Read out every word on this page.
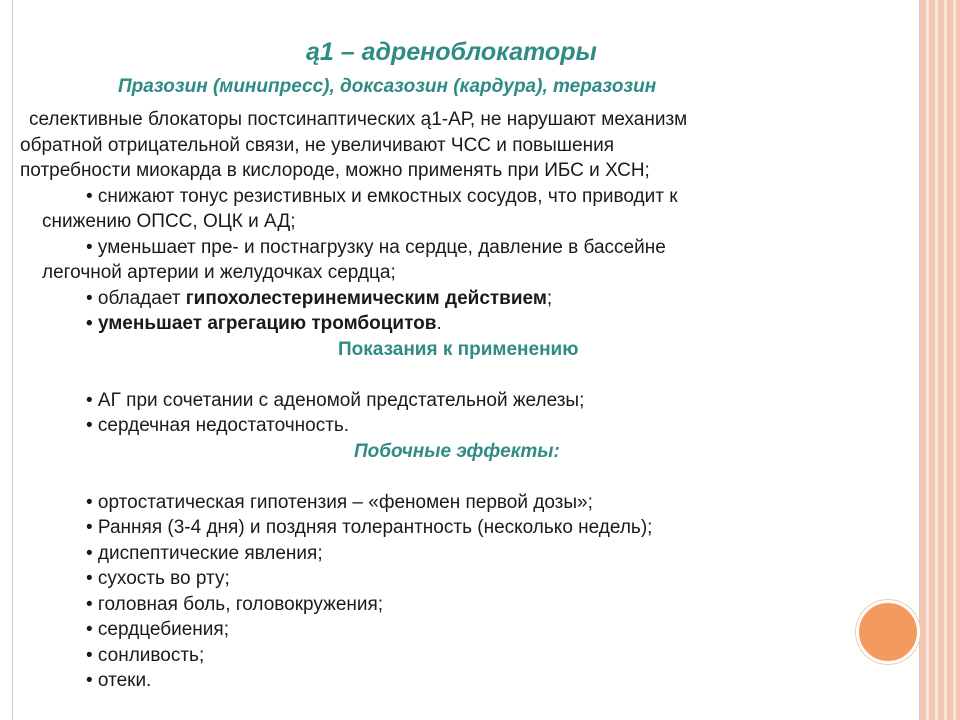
ą1 – адреноблокаторы
Празозин (минипресс), доксазозин (кардура), теразозин
селективные блокаторы постсинаптических ą1-АР, не нарушают механизм
обратной отрицательной связи, не увеличивают ЧСС и повышения
потребности миокарда в кислороде, можно применять при ИБС и ХСН;
• снижают тонус резистивных и емкостных сосудов, что приводит к
снижению ОПСС, ОЦК и АД;
• уменьшает пре- и постнагрузку на сердце, давление в бассейне
легочной артерии и желудочках сердца;
• обладает гипохолестеринемическим действием;
• уменьшает агрегацию тромбоцитов.
Показания к применению
• АГ при сочетании с аденомой предстательной железы;
• сердечная недостаточность.
Побочные эффекты:
• ортостатическая гипотензия – «феномен первой дозы»;
• Ранняя (3-4 дня) и поздняя толерантность (несколько недель);
• диспептические явления;
• сухость во рту;
• головная боль, головокружения;
• сердцебиения;
• сонливость;
• отеки.
